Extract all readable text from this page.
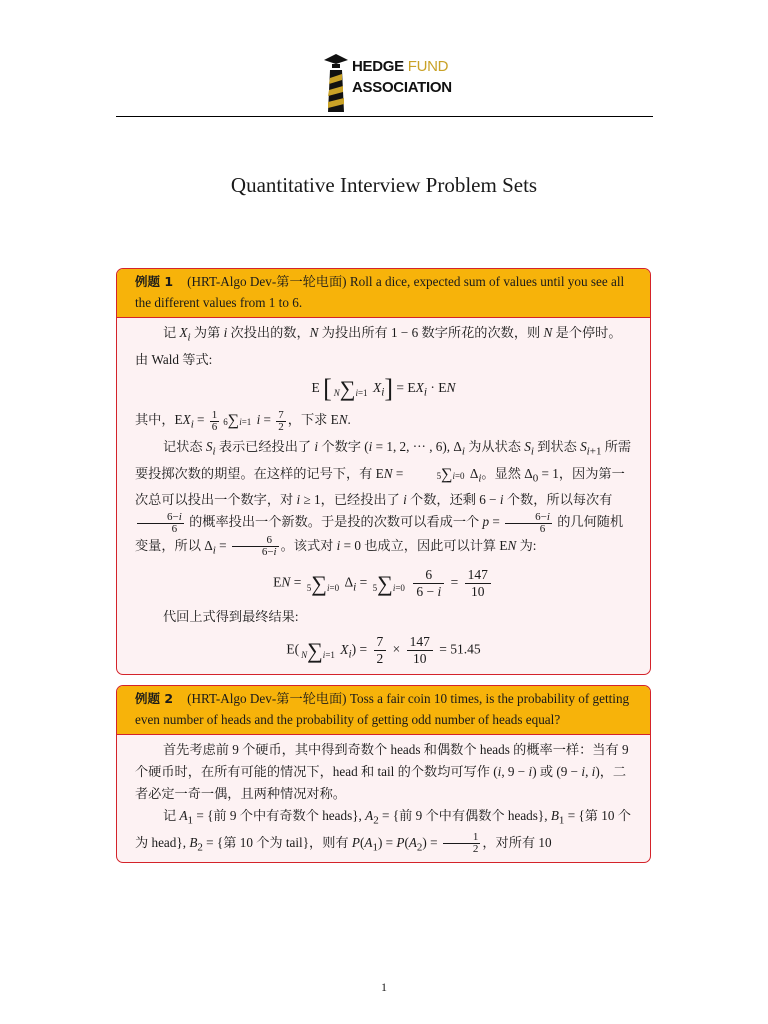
HEDGE FUND
ASSOCIATION
Quantitative Interview Problem Sets
例题 1 (HRT-Algo Dev-第一轮电面) Roll a dice, expected sum of values until you see all the different values from 1 to 6.

记 $X_i$ 为第 i 次投出的数，N 为投出所有 1 − 6 数字所花的次数，则 N 是个停时。由 Wald 等式:

E [ N∑i=1 $X_i] = EX_i$ · EN

其中，$EX_i = \frac{1}{6} 6\sum i=1$ $i = \frac{7}{2}$ ，下求 EN.

记状态 $S_i$ 表示已经投出了 i 个数字 (i = 1, 2, ··· , 6), $\Delta_i$ 为从状态 $S_i$ 到状态 $S_{i+1}$ 所需要投掷次数的期望。在这样的记号下，有 EN =	5∑i=0 $\Delta_i$。显然 $\Delta_0 = 1$，因为第一次总可以投出一个数字，对 i ≥ 1，已经投出了 i 个数，还剩 6 − i 个数，所以每次有
$\frac{6-i}{6}$ 的概率投出一个新数。于是投的次数可以看成一个 $p = \frac{6-i}{6}$ 的几何随机变量，所以 $\Delta_i = \frac{6}{6-i}$ 。该式对 i = 0 也成立，因此可以计算 EN 为:

EN = 5∑i=0 $\Delta_i = 5\sum i=0 \frac{6}{6 - i} = \frac{147}{10}$

代回上式得到最终结果:

E( N∑i=1 $X_i) = \frac{7}{2} \times \frac{147}{10} = 51.45$
例题 2 (HRT-Algo Dev-第一轮电面) Toss a fair coin 10 times, is the probability of getting even number of heads and the probability of getting odd number of heads equal?

首先考虑前 9 个硬币，其中得到奇数个 heads 和偶数个 heads 的概率一样：当有 9 个硬币时，在所有可能的情况下，head 和 tail 的个数均可写作 (i, 9 − i) 或 (9 − i, i)，二者必定一奇一偶，且两种情况对称。

记 $A_1$ = {前 9 个中有奇数个 heads}, $A_2$ = {前 9 个中有偶数个 heads}, $B_1$ = {第 10 个为 head}, $B_2$ = {第 10 个为 tail}，则有 $P(A_1) = P(A_2) = \frac{1}{2}$ ，对所有 10

1
